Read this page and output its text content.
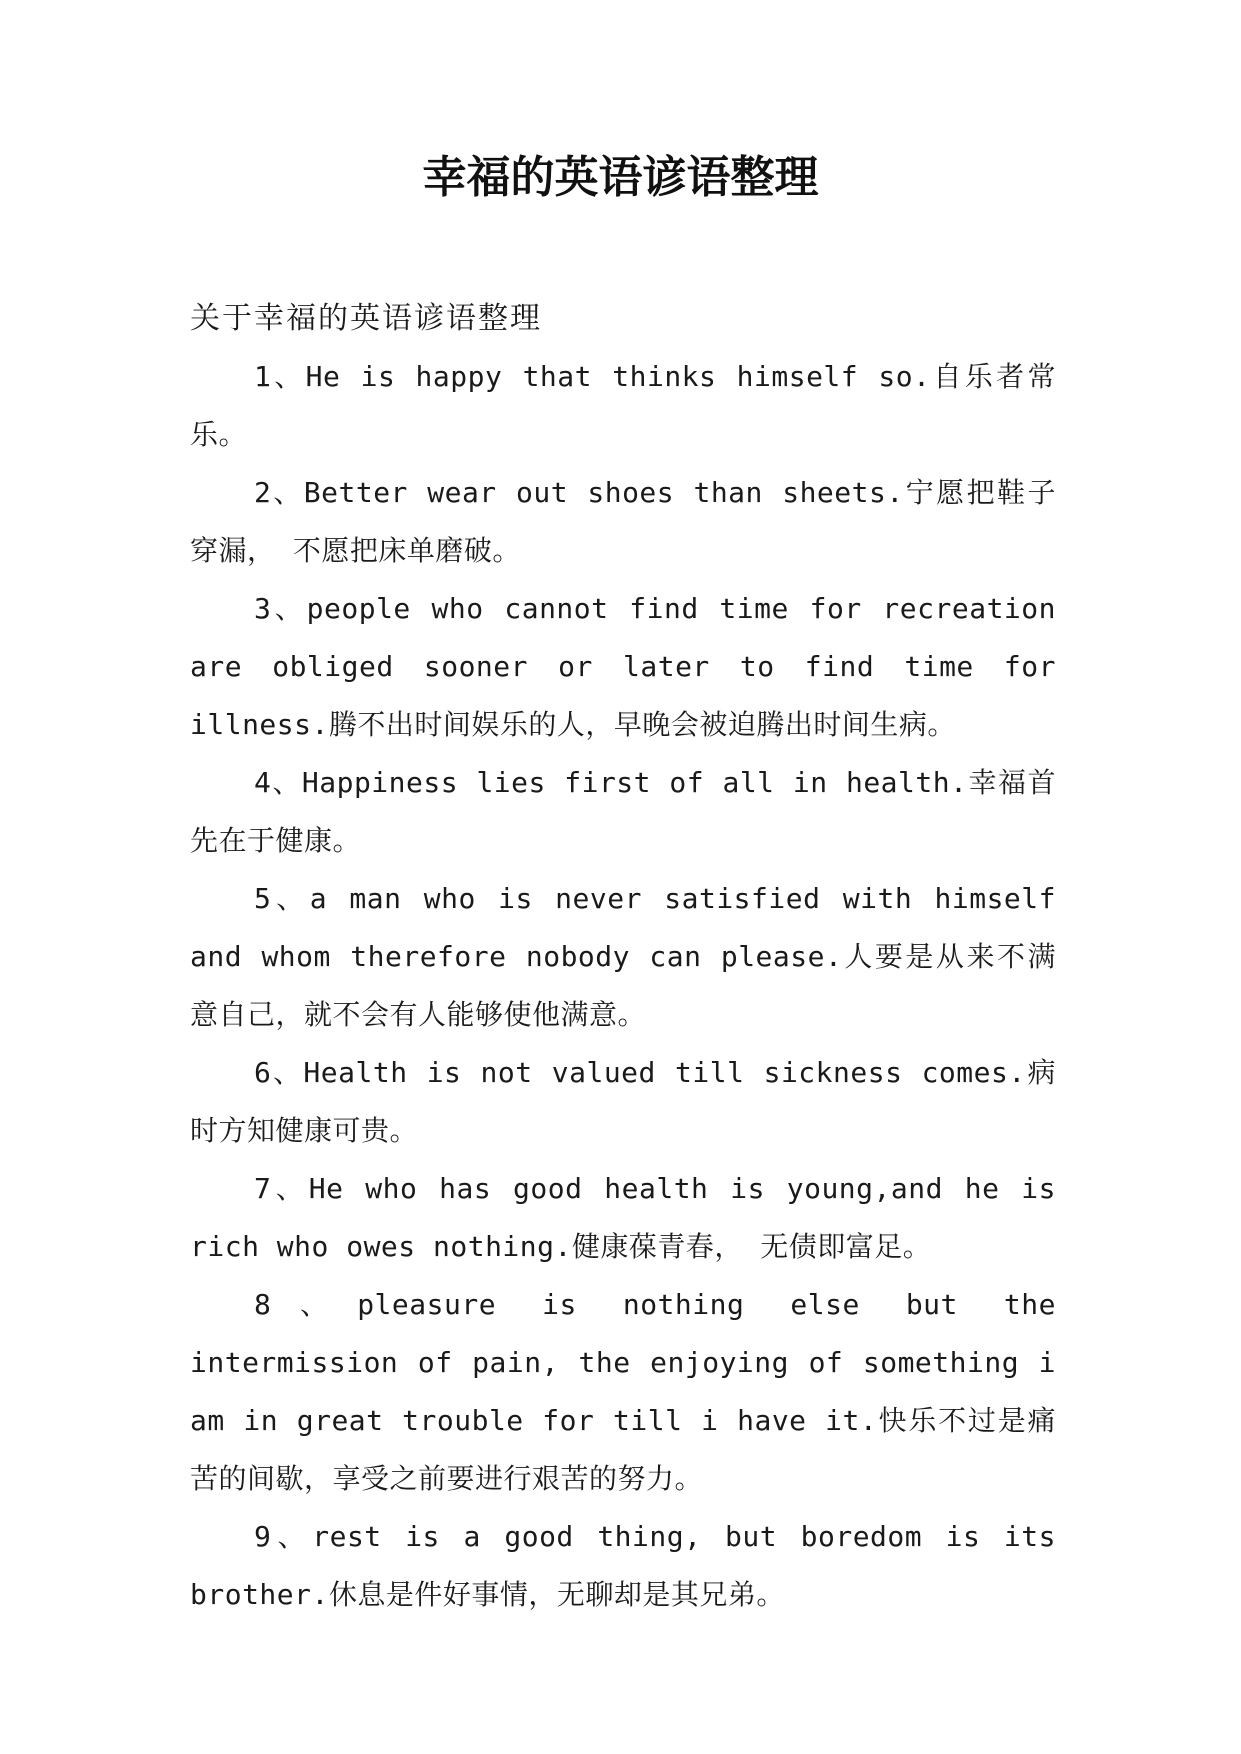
幸福的英语谚语整理

关于幸福的英语谚语整理

1、He is happy that thinks himself so.自乐者常乐。

2、Better wear out shoes than sheets.宁愿把鞋子穿漏， 不愿把床单磨破。

3、people who cannot find time for recreation are obliged sooner or later to find time for illness.腾不出时间娱乐的人，早晚会被迫腾出时间生病。

4、Happiness lies first of all in health.幸福首先在于健康。

5、a man who is never satisfied with himself and whom therefore nobody can please.人要是从来不满意自己，就不会有人能够使他满意。

6、Health is not valued till sickness comes.病时方知健康可贵。

7、He who has good health is young,and he is rich who owes nothing.健康葆青春， 无债即富足。

8、pleasure is nothing else but the intermission of pain, the enjoying of something i am in great trouble for till i have it.快乐不过是痛苦的间歇，享受之前要进行艰苦的努力。

9、rest is a good thing, but boredom is its brother.休息是件好事情，无聊却是其兄弟。
